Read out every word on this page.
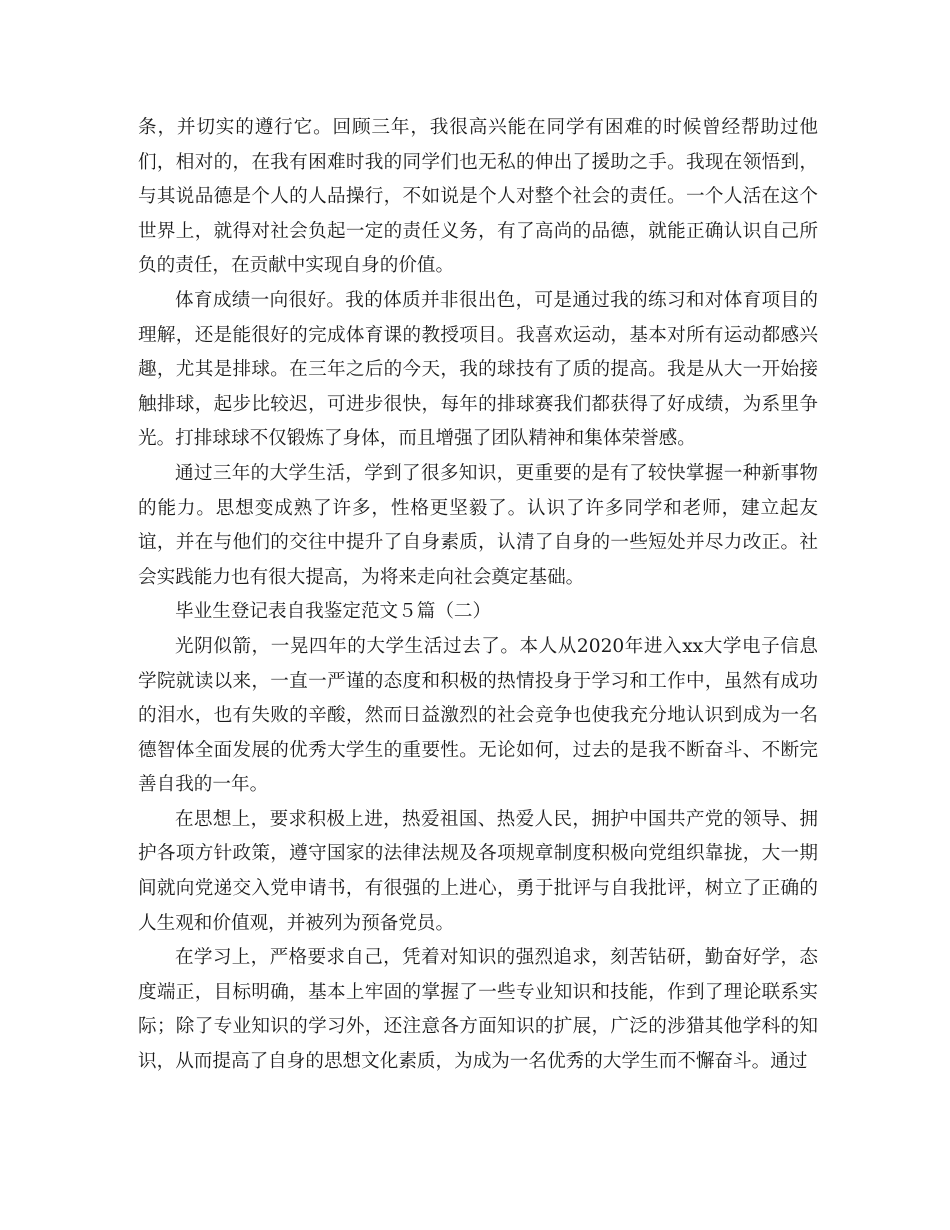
条，并切实的遵行它。回顾三年，我很高兴能在同学有困难的时候曾经帮助过他们，相对的，在我有困难时我的同学们也无私的伸出了援助之手。我现在领悟到，与其说品德是个人的人品操行，不如说是个人对整个社会的责任。一个人活在这个世界上，就得对社会负起一定的责任义务，有了高尚的品德，就能正确认识自己所负的责任，在贡献中实现自身的价值。

体育成绩一向很好。我的体质并非很出色，可是通过我的练习和对体育项目的理解，还是能很好的完成体育课的教授项目。我喜欢运动，基本对所有运动都感兴趣，尤其是排球。在三年之后的今天，我的球技有了质的提高。我是从大一开始接触排球，起步比较迟，可进步很快，每年的排球赛我们都获得了好成绩，为系里争光。打排球球不仅锻炼了身体，而且增强了团队精神和集体荣誉感。

通过三年的大学生活，学到了很多知识，更重要的是有了较快掌握一种新事物的能力。思想变成熟了许多，性格更坚毅了。认识了许多同学和老师，建立起友谊，并在与他们的交往中提升了自身素质，认清了自身的一些短处并尽力改正。社会实践能力也有很大提高，为将来走向社会奠定基础。

毕业生登记表自我鉴定范文５篇（二）

光阴似箭，一晃四年的大学生活过去了。本人从2020年进入xx大学电子信息学院就读以来，一直一严谨的态度和积极的热情投身于学习和工作中，虽然有成功的泪水，也有失败的辛酸，然而日益激烈的社会竞争也使我充分地认识到成为一名德智体全面发展的优秀大学生的重要性。无论如何，过去的是我不断奋斗、不断完善自我的一年。

在思想上，要求积极上进，热爱祖国、热爱人民，拥护中国共产党的领导、拥护各项方针政策，遵守国家的法律法规及各项规章制度积极向党组织靠拢，大一期间就向党递交入党申请书，有很强的上进心，勇于批评与自我批评，树立了正确的人生观和价值观，并被列为预备党员。

在学习上，严格要求自己，凭着对知识的强烈追求，刻苦钻研，勤奋好学，态度端正，目标明确，基本上牢固的掌握了一些专业知识和技能，作到了理论联系实际；除了专业知识的学习外，还注意各方面知识的扩展，广泛的涉猎其他学科的知识，从而提高了自身的思想文化素质，为成为一名优秀的大学生而不懈奋斗。通过
